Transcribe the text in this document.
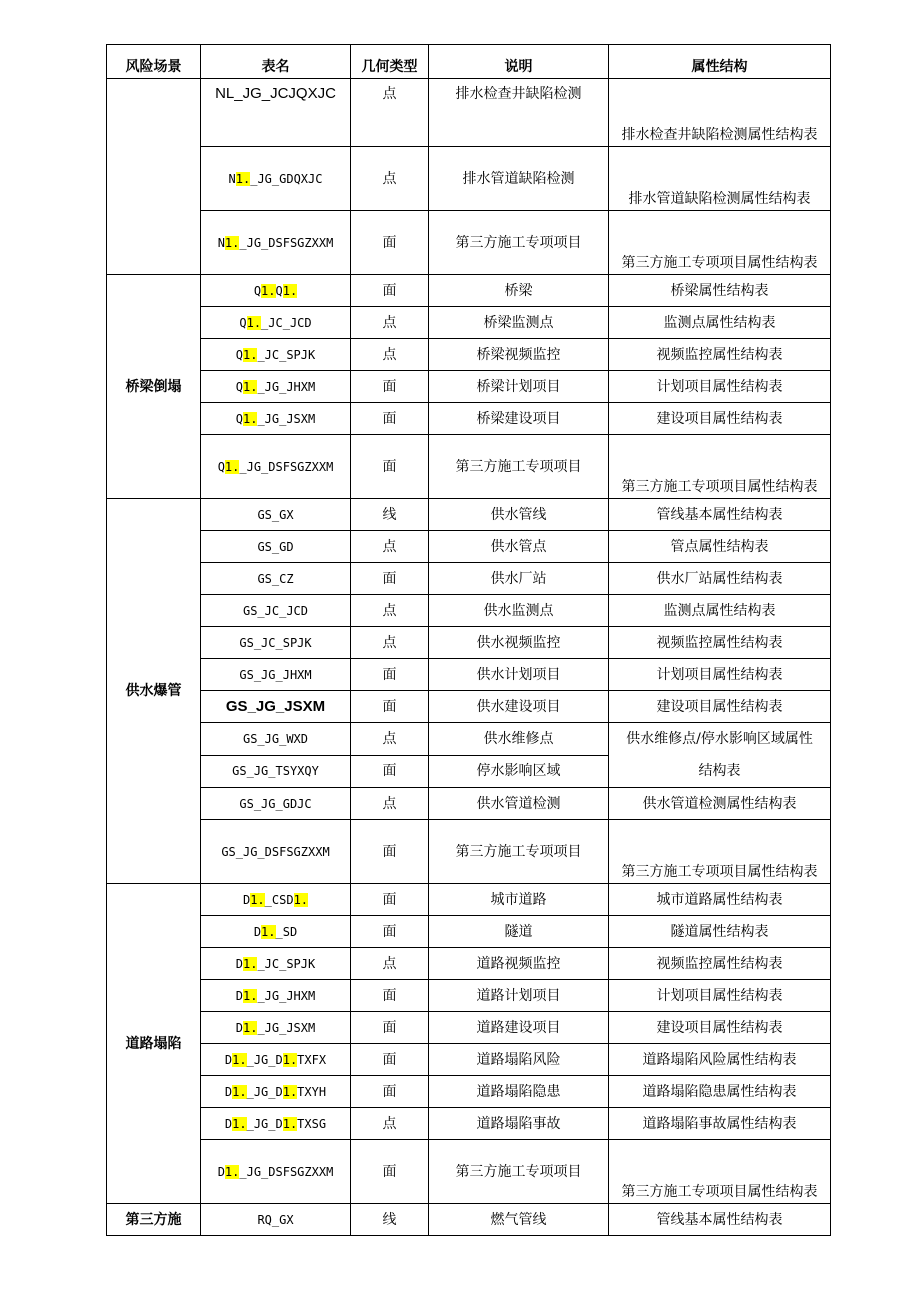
风险场景	表名	几何类型	说明	属性结构
	NL_JG_JCJQXJC	点	排水检查井缺陷检测	排水检查井缺陷检测属性结构表
	N1._JG_GDQXJC	点	排水管道缺陷检测	排水管道缺陷检测属性结构表
	N1._JG_DSFSGZXXM	面	第三方施工专项项目	第三方施工专项项目属性结构表
桥梁倒塌	Q1.Q1.	面	桥梁	桥梁属性结构表
	Q1._JC_JCD	点	桥梁监测点	监测点属性结构表
	Q1._JC_SPJK	点	桥梁视频监控	视频监控属性结构表
	Q1._JG_JHXM	面	桥梁计划项目	计划项目属性结构表
	Q1._JG_JSXM	面	桥梁建设项目	建设项目属性结构表
	Q1._JG_DSFSGZXXM	面	第三方施工专项项目	第三方施工专项项目属性结构表
供水爆管	GS_GX	线	供水管线	管线基本属性结构表
	GS_GD	点	供水管点	管点属性结构表
	GS_CZ	面	供水厂站	供水厂站属性结构表
	GS_JC_JCD	点	供水监测点	监测点属性结构表
	GS_JC_SPJK	点	供水视频监控	视频监控属性结构表
	GS_JG_JHXM	面	供水计划项目	计划项目属性结构表
	GS_JG_JSXM	面	供水建设项目	建设项目属性结构表
	GS_JG_WXD	点	供水维修点	供水维修点/停水影响区域属性
结构表

	GS_JG_TSYXQY	面	停水影响区域	
	GS_JG_GDJC	点	供水管道检测	供水管道检测属性结构表
	GS_JG_DSFSGZXXM	面	第三方施工专项项目	第三方施工专项项目属性结构表
道路塌陷	D1._CSD1.	面	城市道路	城市道路属性结构表
	D1._SD	面	隧道	隧道属性结构表
	D1._JC_SPJK	点	道路视频监控	视频监控属性结构表
	D1._JG_JHXM	面	道路计划项目	计划项目属性结构表
	D1._JG_JSXM	面	道路建设项目	建设项目属性结构表
	D1._JG_D1.TXFX	面	道路塌陷风险	道路塌陷风险属性结构表
	D1._JG_D1.TXYH	面	道路塌陷隐患	道路塌陷隐患属性结构表
	D1._JG_D1.TXSG	点	道路塌陷事故	道路塌陷事故属性结构表
	D1._JG_DSFSGZXXM	面	第三方施工专项项目	第三方施工专项项目属性结构表
第三方施	RQ_GX	线	燃气管线	管线基本属性结构表
